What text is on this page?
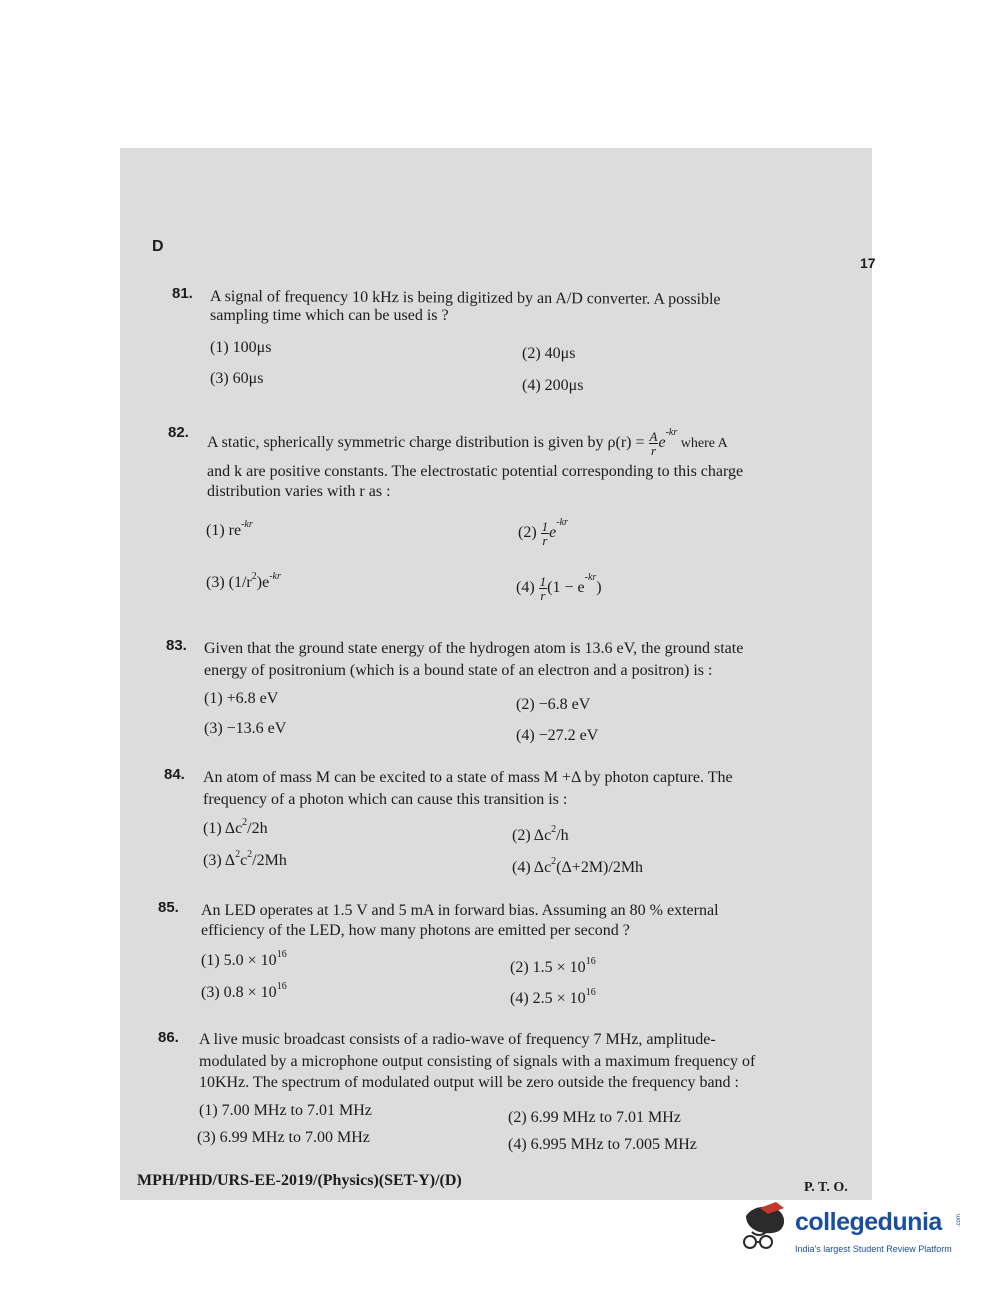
D
17
81. A signal of frequency 10 kHz is being digitized by an A/D converter. A possible
sampling time which can be used is ?
(1) 100μs	(2) 40μs
(3) 60μs	(4) 200μs
82.
A static, spherically symmetric charge distribution is given by $\rho(r) = \frac{A}{r} e^{-kr}$ where A
and k are positive constants. The electrostatic potential corresponding to this charge
distribution varies with r as :
(1) $re^{-kr}$	$(2) \frac{1}{r} e^{-kr}$
(3) $(1/r^2)e^{-kr}$
$(4) \frac{1}{r} (1 - e^{-kr})$
83. Given that the ground state energy of the hydrogen atom is 13.6 eV, the ground state
energy of positronium (which is a bound state of an electron and a positron) is :
(1) +6.8 eV	(2) −6.8 eV
(3) −13.6 eV	(4) −27.2 eV
84. An atom of mass M can be excited to a state of mass M +Δ by photon capture. The
frequency of a photon which can cause this transition is :
(1) $\Delta c^2/2h$	(2) $\Delta c^2/h$
(3) $\Delta^2c^2/2Mh$	(4) $\Delta c^2(\Delta+2M)/2Mh$
85. An LED operates at 1.5 V and 5 mA in forward bias. Assuming an 80 % external
efficiency of the LED, how many photons are emitted per second ?
(1) $5.0 \times 10^{16}$
(2) $1.5 \times 10^{16}$
(3) $0.8 \times 10^{16}$
(4) $2.5 \times 10^{16}$
86. A live music broadcast consists of a radio-wave of frequency 7 MHz, amplitude-
modulated by a microphone output consisting of signals with a maximum frequency of
10KHz. The spectrum of modulated output will be zero outside the frequency band :
(1) 7.00 MHz to 7.01 MHz	(2) 6.99 MHz to 7.01 MHz
(3) 6.99 MHz to 7.00 MHz	(4) 6.995 MHz to 7.005 MHz
MPH/PHD/URS-EE-2019/(Physics)(SET-Y)/(D)	P. T. O.
collegedunia
India's largest Student Review Platform
.com
